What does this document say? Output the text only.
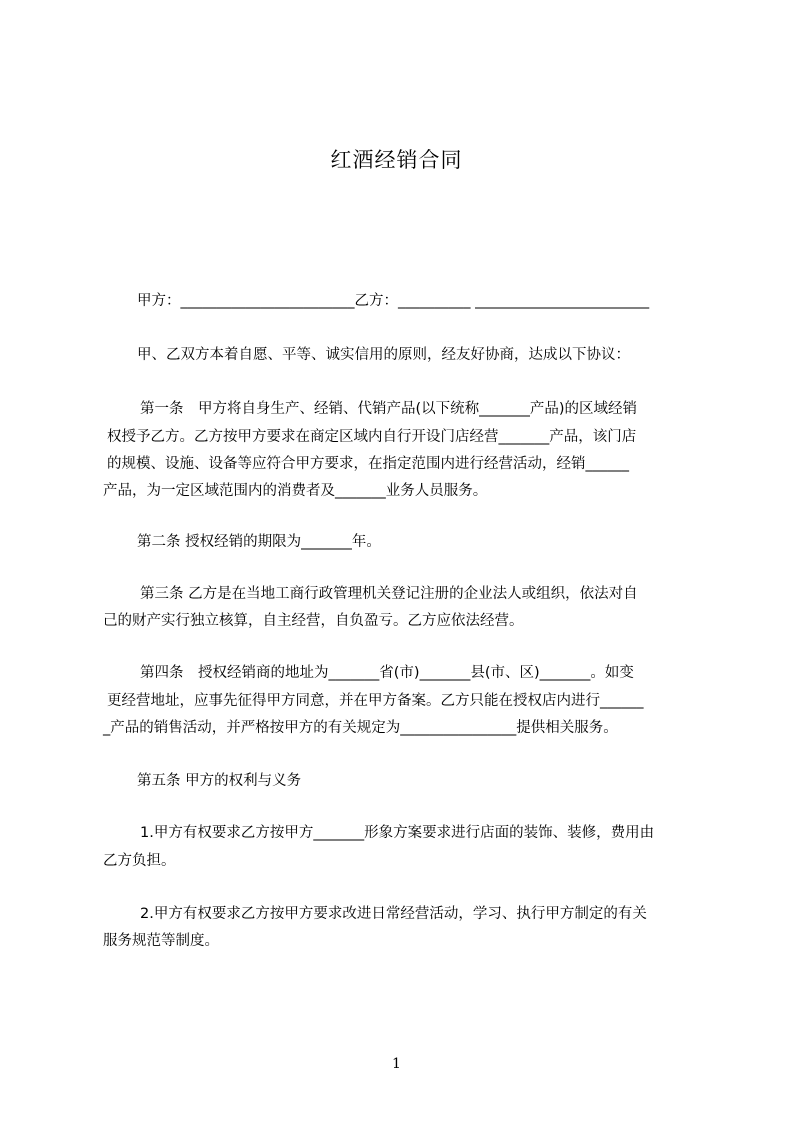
红酒经销合同
甲方：________________________乙方：__________ ________________________
甲、乙双方本着自愿、平等、诚实信用的原则，经友好协商，达成以下协议：
第一条　甲方将自身生产、经销、代销产品(以下统称_______产品)的区域经销
权授予乙方。乙方按甲方要求在商定区域内自行开设门店经营_______产品，该门店
的规模、设施、设备等应符合甲方要求，在指定范围内进行经营活动，经销______
产品，为一定区域范围内的消费者及_______业务人员服务。
第二条 授权经销的期限为_______年。
第三条 乙方是在当地工商行政管理机关登记注册的企业法人或组织，依法对自
己的财产实行独立核算，自主经营，自负盈亏。乙方应依法经营。
第四条　授权经销商的地址为_______省(市)_______县(市、区)_______。如变
更经营地址，应事先征得甲方同意，并在甲方备案。乙方只能在授权店内进行______
_产品的销售活动，并严格按甲方的有关规定为________________提供相关服务。
第五条 甲方的权利与义务
1.甲方有权要求乙方按甲方_______形象方案要求进行店面的装饰、装修，费用由
乙方负担。
2.甲方有权要求乙方按甲方要求改进日常经营活动，学习、执行甲方制定的有关
服务规范等制度。
1
